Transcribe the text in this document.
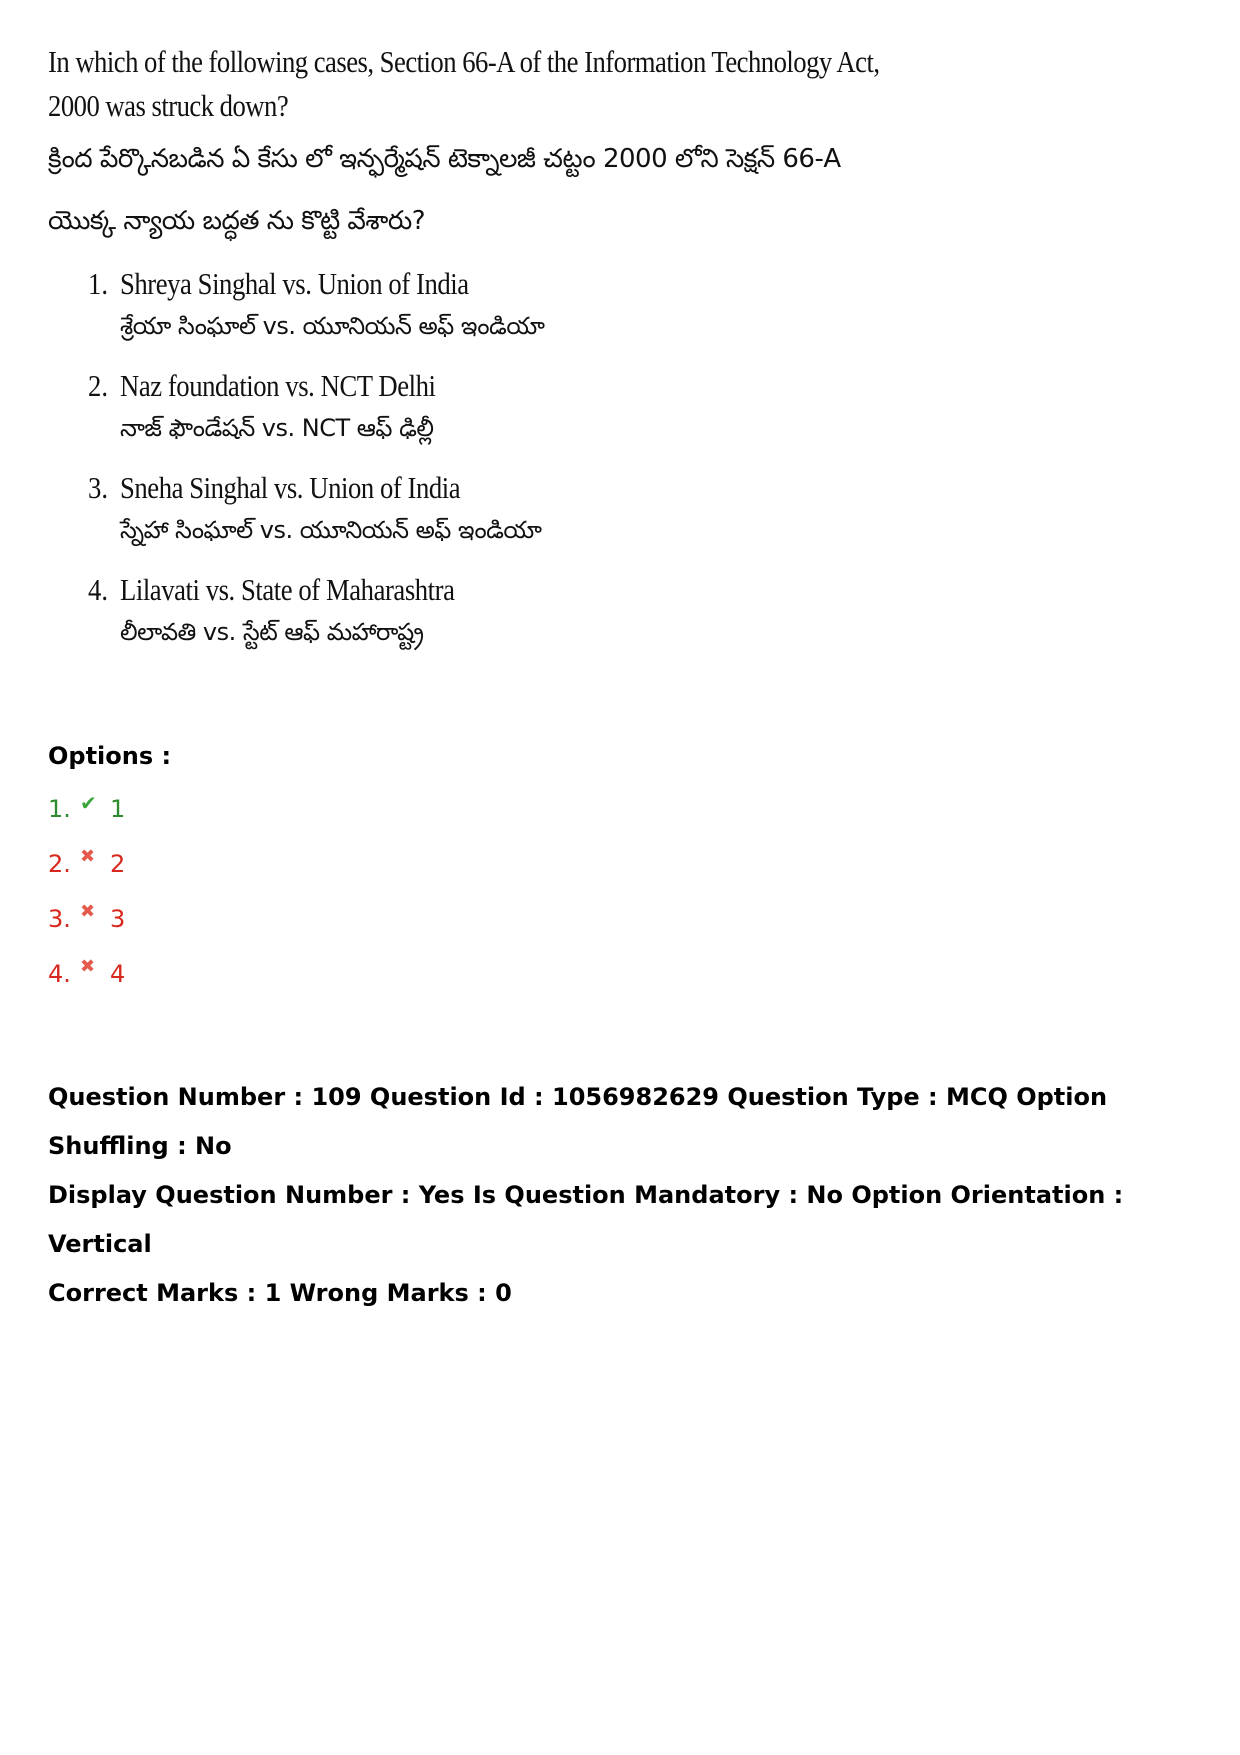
In which of the following cases, Section 66-A of the Information Technology Act, 2000 was struck down?
క్రింద పేర్కొనబడిన ఏ కేసు లో ఇన్ఫర్మేషన్ టెక్నాలజీ చట్టం 2000 లోని సెక్షన్ 66-A యొక్క న్యాయ బద్ధత ను కొట్టి వేశారు?
1. Shreya Singhal vs. Union of India
శ్రేయా సింఘాల్ vs. యూనియన్ అఫ్ ఇండియా
2. Naz foundation vs. NCT Delhi
నాజ్ ఫౌండేషన్ vs. NCT ఆఫ్ ఢిల్లీ
3. Sneha Singhal vs. Union of India
స్నేహా సింఘాల్ vs. యూనియన్ అఫ్ ఇండియా
4. Lilavati vs. State of Maharashtra
లీలావతి vs. స్టేట్ ఆఫ్ మహారాష్ట్ర
Options :
1. ✔ 1
2. ✖ 2
3. ✖ 3
4. ✖ 4
Question Number : 109 Question Id : 1056982629 Question Type : MCQ Option Shuffling : No
Display Question Number : Yes Is Question Mandatory : No Option Orientation : Vertical
Correct Marks : 1 Wrong Marks : 0
